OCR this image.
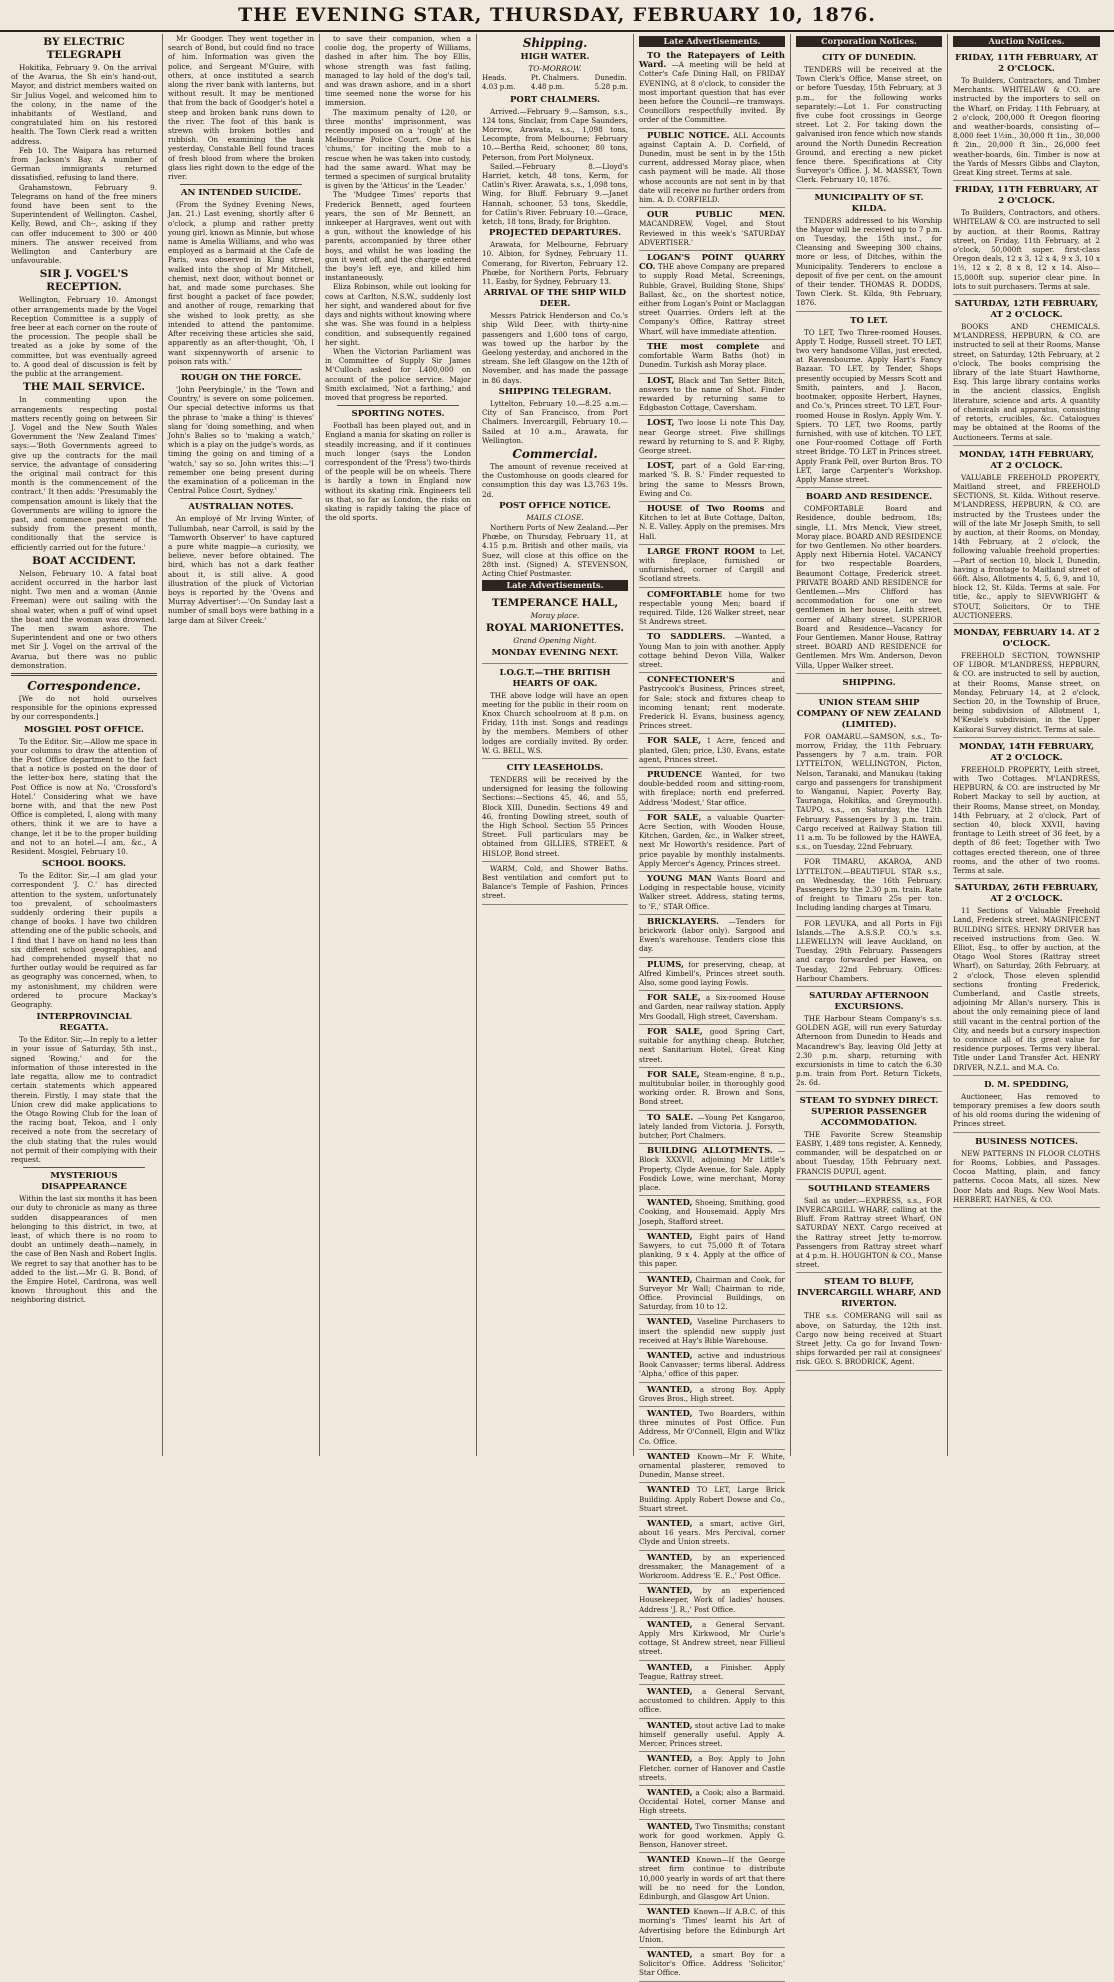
THE EVENING STAR, THURSDAY, FEBRUARY 10, 1876.
BY ELECTRIC TELEGRAPH

Hokitika, February 9. On the arrival of the Avarua, the Sh ein's hand-out, Mayor, and district members waited on Sir Julius Vogel, and welcomed him to the colony, in the name of the inhabitants of Westland, and congratulated him on his restored health. The Town Clerk read a written address.

Feb 10. The Waipara has returned from Jackson's Bay. A number of German immigrants returned dissatisfied, refusing to land there.

Grahamstown, February 9. Telegrams on hand of the free miners found have been sent to the Superintendent of Wellington. Cashel, Kelly, Bowd, and Ch--, asking if they can offer inducement to 300 or 400 miners. The answer received from Wellington and Canterbury are unfavourable.

SIR J. VOGEL'S RECEPTION.

Wellington, February 10. Amongst other arrangements made by the Vogel Reception Committee is a supply of free beer at each corner on the route of the procession. The people shall be treated as a joke by some of the committee, but was eventually agreed to. A good deal of discussion is felt by the public at the arrangement.

THE MAIL SERVICE.

In commenting upon the arrangements respecting postal matters recently going on between Sir J. Vogel and the New South Wales Government the 'New Zealand Times' says:—'Both Governments agreed to give up the contracts for the mail service, the advantage of considering the original mail contract for this month is the commencement of the contract.' It then adds: 'Presumably the compensation amount is likely that the Governments are willing to ignore the past, and commence payment of the subsidy from the present month, conditionally that the service is efficiently carried out for the future.'

BOAT ACCIDENT.

Nelson, February 10. A fatal boat accident occurred in the harbor last night. Two men and a woman (Annie Freeman) were out sailing with the shoal water, when a puff of wind upset the boat and the woman was drowned. The men swam ashore. The Superintendent and one or two others met Sir J. Vogel on the arrival of the Avarua, but there was no public demonstration.

Correspondence.

[We do not hold ourselves responsible for the opinions expressed by our correspondents.]

MOSGIEL POST OFFICE.

To the Editor. Sir,—Allow me space in your columns to draw the attention of the Post Office department to the fact that a notice is posted on the door of the letter-box here, stating that the Post Office is now at No. 'Crossford's Hotel.' Considering what we have borne with, and that the new Post Office is completed, I, along with many others, think it we are to have a change, let it be to the proper building and not to an hotel.—I am, &c., A Resident. Mosgiel, February 10.

SCHOOL BOOKS.

To the Editor. Sir,—I am glad your correspondent 'J. C.' has directed attention to the system, unfortunately too prevalent, of schoolmasters suddenly ordering their pupils a change of books. I have two children attending one of the public schools, and I find that I have on hand no less than six different school geographies, and had comprehended myself that no further outlay would be required as far as geography was concerned, when, to my astonishment, my children were ordered to procure Mackay's Geography.

INTERPROVINCIAL REGATTA.

To the Editor. Sir,—In reply to a letter in your issue of Saturday, 5th inst., signed 'Rowing,' and for the information of those interested in the late regatta, allow me to contradict certain statements which appeared therein. Firstly, I may state that the Union crew did make applications to the Otago Rowing Club for the loan of the racing boat, Tekoa, and I only received a note from the secretary of the club stating that the rules would not permit of their complying with their request.

MYSTERIOUS DISAPPEARANCE

Within the last six months it has been our duty to chronicle as many as three sudden disappearances of men belonging to this district, in two, at least, of which there is no room to doubt an untimely death—namely, in the case of Ben Nash and Robert Inglis. We regret to say that another has to be added to the list.—Mr G. B. Bond, of the Empire Hotel, Cardrona, was well known throughout this and the neighboring district.

Mr Goodger. They went together in search of Bond, but could find no trace of him. Information was given the police, and Sergeant M'Guire, with others, at once instituted a search along the river bank with lanterns, but without result. It may be mentioned that from the back of Goodger's hotel a steep and broken bank runs down to the river. The foot of this bank is strewn with broken bottles and rubbish. On examining the bank yesterday, Constable Bell found traces of fresh blood from where the broken glass lies right down to the edge of the river.

AN INTENDED SUICIDE.

(From the Sydney Evening News, Jan. 21.) Last evening, shortly after 6 o'clock, a plump and rather pretty young girl, known as Minnie, but whose name is Amelia Williams, and who was employed as a barmaid at the Cafe de Paris, was observed in King street, walked into the shop of Mr Mitchell, chemist, next door, without bonnet or hat, and made some purchases. She first bought a packet of face powder, and another of rouge, remarking that she wished to look pretty, as she intended to attend the pantomime. After receiving these articles she said, apparently as an after-thought, 'Oh, I want sixpennyworth of arsenic to poison rats with.'

ROUGH ON THE FORCE.

'John Peerybingle,' in the 'Town and Country,' is severe on some policemen. Our special detective informs us that the phrase to 'make a thing' is thieves' slang for 'doing something, and when John's Balies so to 'making a watch,' which is a play on the judge's words, as timing the going on and timing of a 'watch,' say so so. John writes this:—'I remember one being present during the examination of a policeman in the Central Police Court, Sydney.'

AUSTRALIAN NOTES.

An employé of Mr Irving Winter, of Tullumbah, near Carroll, is said by the 'Tamworth Observer' to have captured a pure white magpie—a curiosity, we believe, never before obtained. The bird, which has not a dark feather about it, is still alive. A good illustration of the pluck of Victorian boys is reported by the 'Ovens and Murray Advertiser':—'On Sunday last a number of small boys were bathing in a large dam at Silver Creek.'

to save their companion, when a coolie dog, the property of Williams, dashed in after him. The boy Ellis, whose strength was fast failing, managed to lay hold of the dog's tail, and was drawn ashore, and in a short time seemed none the worse for his immersion.

The maximum penalty of L20, or three months' imprisonment, was recently imposed on a 'rough' at the Melbourne Police Court. One of his 'chums,' for inciting the mob to a rescue when he was taken into custody, had the same award. What may be termed a specimen of surgical brutality is given by the 'Atticus' in the 'Leader.'

The 'Mudgee Times' reports that Frederick Bennett, aged fourteen years, the son of Mr Bennett, an innkeeper at Hargraves, went out with a gun, without the knowledge of his parents, accompanied by three other boys, and whilst he was loading the gun it went off, and the charge entered the boy's left eye, and killed him instantaneously.

Eliza Robinson, while out looking for cows at Carlton, N.S.W., suddenly lost her sight, and wandered about for five days and nights without knowing where she was. She was found in a helpless condition, and subsequently regained her sight.

When the Victorian Parliament was in Committee of Supply Sir James M'Culloch asked for L400,000 on account of the police service. Major Smith exclaimed, 'Not a farthing,' and moved that progress be reported.

SPORTING NOTES.

Football has been played out, and in England a mania for skating on roller is steadily increasing, and if it continues much longer (says the London correspondent of the 'Press') two-thirds of the people will be on wheels. There is hardly a town in England now without its skating rink. Engineers tell us that, so far as London, the risks on skating is rapidly taking the place of the old sports.

Shipping.
HIGH WATER.
TO-MORROW.
Heads.
4.03 p.m.
Pt. Chalmers.
4.48 p.m.
Dunedin.
5.28 p.m.
PORT CHALMERS.

Arrived.—February 9.—Samson, s.s., 124 tons, Sinclair, from Cape Saunders, Morrow, Arawata, s.s., 1,098 tons, Lecompte, from Melbourne; February 10.—Bertha Reid, schooner, 80 tons, Peterson, from Port Molyneux.

Sailed.—February 8.—Lloyd's Harriet, ketch, 48 tons, Kerm, for Catlin's River. Arawata, s.s., 1,098 tons, Wing, for Bluff. February 9.—Janet Hannah, schooner, 53 tons, Skeddle, for Catlin's River. February 10.—Grace, ketch, 18 tons, Brady, for Brighton.

PROJECTED DEPARTURES.

Arawata, for Melbourne, February 10. Albion, for Sydney, February 11. Comerang, for Riverton, February 12. Phœbe, for Northern Ports, February 11. Easby, for Sydney, February 13.

ARRIVAL OF THE SHIP WILD DEER.

Messrs Patrick Henderson and Co.'s ship Wild Deer, with thirty-nine passengers and 1,600 tons of cargo, was towed up the harbor by the Geelong yesterday, and anchored in the stream. She left Glasgow on the 12th of November, and has made the passage in 86 days.

SHIPPING TELEGRAM.

Lyttelton, February 10.—8.25 a.m.—City of San Francisco, from Port Chalmers. Invercargill, February 10.—Sailed at 10 a.m., Arawata, for Wellington.

Commercial.

The amount of revenue received at the Customhouse on goods cleared for consumption this day was L3,763 19s. 2d.

POST OFFICE NOTICE.
MAILS CLOSE.

Northern Ports of New Zealand.—Per Phœbe, on Thursday, February 11, at 4.15 p.m. British and other mails, via Suez, will close at this office on the 28th inst. (Signed) A. STEVENSON, Acting Chief Postmaster.

Late Advertisements.
TEMPERANCE HALL,
Moray place.
ROYAL MARIONETTES.
Grand Opening Night.
MONDAY EVENING NEXT.
I.O.G.T.—THE BRITISH HEARTS OF OAK.

THE above lodge will have an open meeting for the public in their room on Knox Church schoolroom at 8 p.m. on Friday, 11th inst. Songs and readings by the members. Members of other lodges are cordially invited. By order. W. G. BELL, W.S.

CITY LEASEHOLDS.

TENDERS will be received by the undersigned for leasing the following Sections:—Sections 45, 46, and 55, Block XIII, Dunedin. Sections 49 and 46, fronting Dowling street, south of the High School. Section 55 Princes Street. Full particulars may be obtained from GILLIES, STREET, & HISLOP, Bond street.

WARM, Cold, and Shower Baths. Best ventilation and comfort put to Balance's Temple of Fashion, Princes street.

Late Advertisements.

TO the Ratepayers of Leith Ward. —A meeting will be held at Cotter's Cafe Dining Hall, on FRIDAY EVENING, at 8 o'clock, to consider the most important question that has ever been before the Council—re tramways. Councillors respectfully invited. By order of the Committee.

PUBLIC NOTICE. ALL Accounts against Captain A. D. Corfield, of Dunedin, must be sent in by the 15th current, addressed Moray place, when cash payment will be made. All those whose accounts are not sent in by that date will receive no further orders from him. A. D. CORFIELD.

OUR PUBLIC MEN. MACANDREW, Vogel, and Stout Reviewed in this week's 'SATURDAY ADVERTISER.'

LOGAN'S POINT QUARRY CO. THE above Company are prepared to supply Road Metal, Screenings, Rubble, Gravel, Building Stone, Ships' Ballast, &c., on the shortest notice, either from Logan's Point or Maclaggan street Quarries. Orders left at the Company's Office, Rattray street Wharf, will have immediate attention.

THE most complete and comfortable Warm Baths (hot) in Dunedin. Turkish ash Moray place.

LOST, Black and Tan Setter Bitch, answers to the name of Shot. Finder rewarded by returning same to Edgbaston Cottage, Caversham.

LOST, Two loose Li note This Day, near George street. Five shillings reward by returning to S. and F. Rigby, George street.

LOST, part of a Gold Ear-ring, marked 'S. B. S.' Finder requested to bring the same to Messrs Brown, Ewing and Co.

HOUSE of Two Rooms and Kitchen to let at Bute Cottage, Dalton, N. E. Valley. Apply on the premises. Mrs Hall.

LARGE FRONT ROOM to Let, with fireplace, furnished or unfurnished, corner of Cargill and Scotland streets.

COMFORTABLE home for two respectable young Men; board if required. Tilde, 126 Walker street, near St Andrews street.

TO SADDLERS. —Wanted, a Young Man to join with another. Apply cottage behind Devon Villa, Walker street.

CONFECTIONER'S	and Pastrycook's Business, Princes street, for Sale; stock and fixtures cheap to incoming tenant; rent moderate. Frederick H. Evans, business agency, Princes street.

FOR SALE, 1 Acre, fenced and planted, Glen; price, L30. Evans, estate agent, Princes street.

PRUDENCE Wanted, for two double-bedded room and sitting-room, with fireplace; north end preferred. Address 'Modest,' Star office.

FOR SALE, a valuable Quarter-Acre Section, with Wooden House, Kitchen, Garden, &c., in Walker street, next Mr Howorth's residence. Part of price payable by monthly instalments. Apply Mercer's Agency, Princes street.

YOUNG MAN Wants Board and Lodging in respectable house, vicinity Walker street. Address, stating terms, to 'F.,' STAR Office.

BRICKLAYERS. —Tenders for brickwork (labor only). Sargood and Ewen's warehouse. Tenders close this day.

PLUMS, for preserving, cheap, at Alfred Kimbell's, Princes street south. Also, some good laying Fowls.

FOR SALE, a Six-roomed House and Garden, near railway station. Apply Mrs Goodall, High street, Caversham.

FOR SALE, good Spring Cart, suitable for anything cheap. Butcher, next Sanitarium Hotel, Great King street.

FOR SALE, Steam-engine, 8 n.p., multitubular boiler, in thoroughly good working order. R. Brown and Sons, Bond street.

TO SALE. —Young Pet Kangaroo, lately landed from Victoria. J. Forsyth, butcher, Port Chalmers.

BUILDING ALLOTMENTS. —Block XXXVII, adjoining Mr Little's Property, Clyde Avenue, for Sale. Apply Fosdick Lowe, wine merchant, Moray place.

WANTED, Shoeing, Smithing, good Cooking, and Housemaid. Apply Mrs Joseph, Stafford street.

WANTED, Eight pairs of Hand Sawyers, to cut 75,000 ft of Totara planking, 9 x 4. Apply at the office of this paper.

WANTED, Chairman and Cook, for Surveyor Mr Wall; Chairman to ride, Office. Provincial Buildings, on Saturday, from 10 to 12.

WANTED, Vaseline Purchasers to insert the splendid new supply just received at Hay's Bible Warehouse.

WANTED, active and industrious Book Canvasser; terms liberal. Address 'Alpha,' office of this paper.

WANTED, a strong Boy. Apply Groves Bros., High street.

WANTED, Two Boarders, within three minutes of Post Office. Fun Address, Mr O'Connell, Elgin and W'lkz Co. Office.

WANTED Known—Mr F. White, ornamental plasterer, removed to Dunedin, Manse street.

WANTED TO LET, Large Brick Building. Apply Robert Dowse and Co., Stuart street.

WANTED, a smart, active Girl, about 16 years. Mrs Percival, corner Clyde and Union streets.

WANTED, by an experienced dressmaker, the Management of a Workroom. Address 'E. E.,' Post Office.

WANTED, by an experienced Housekeeper, Work of ladies' houses. Address 'J. R.,' Post Office.

WANTED, a General Servant. Apply Mrs Kirkwood, Mr Curle's cottage, St Andrew street, near Fillieul street.

WANTED, a Finisher. Apply Teague, Rattray street.

WANTED, a General Servant, accustomed to children. Apply to this office.

WANTED, stout active Lad to make himself generally useful. Apply A. Mercer, Princes street.

WANTED, a Boy. Apply to John Fletcher, corner of Hanover and Castle streets.

WANTED, a Cook; also a Barmaid. Occidental Hotel, corner Manse and High streets.

WANTED, Two Tinsmiths; constant work for good workmen. Apply G. Benson, Hanover street.

WANTED Known—If the George street firm continue to distribute 10,000 yearly in words of art that there will be no need for the London, Edinburgh, and Glasgow Art Union.

WANTED Known—If A.B.C. of this morning's 'Times' learnt his Art of Advertising before the Edinburgh Art Union.

WANTED, a smart Boy for a Solicitor's Office. Address 'Solicitor,' Star Office.

Corporation Notices.
CITY OF DUNEDIN.

TENDERS will be received at the Town Clerk's Office, Manse street, on or before Tuesday, 15th February, at 3 p.m., for the following works separately:—Lot 1. For constructing five cube foot crossings in George street. Lot 2. For taking down the galvanised iron fence which now stands around the North Dunedin Recreation Ground, and erecting a new picket fence there. Specifications at City Surveyor's Office. J. M. MASSEY, Town Clerk. February 10, 1876.

MUNICIPALITY OF ST. KILDA.

TENDERS addressed to his Worship the Mayor will be received up to 7 p.m. on Tuesday, the 15th inst., for Cleansing and Sweeping 300 chains, more or less, of Ditches, within the Municipality. Tenderers to enclose a deposit of five per cent. on the amount of their tender. THOMAS R. DODDS, Town Clerk. St. Kilda, 9th February, 1876.

TO LET.

TO LET, Two Three-roomed Houses. Apply T. Hodge, Russell street. TO LET, two very handsome Villas, just erected, at Ravensbourne. Apply Hart's Fancy Bazaar. TO LET, by Tender, Shops presently occupied by Messrs Scott and Smith, painters, and J. Bacon, bootmaker, opposite Herbert, Haynes, and Co.'s, Princes street. TO LET, Four-roomed House in Roslyn. Apply Wm. Y. Spiers. TO LET, two Rooms, partly furnished, with use of kitchen. TO LET, one Four-roomed Cottage off Forth street Bridge. TO LET in Princes street. Apply Frank Pell, over Burton Bros. TO LET, large Carpenter's Workshop. Apply Manse street.

BOARD AND RESIDENCE.

COMFORTABLE Board and Residence, double bedroom, 18s; single, L1. Mrs Menck, View street, Moray place. BOARD AND RESIDENCE for two Gentlemen. No other boarders. Apply next Hibernia Hotel. VACANCY for two respectable Boarders, Beaumont Cottage, Frederick street. PRIVATE BOARD AND RESIDENCE for Gentlemen.—Mrs Clifford has accommodation for one or two gentlemen in her house, Leith street, corner of Albany street. SUPERIOR Board and Residence—Vacancy for Four Gentlemen. Manor House, Rattray street. BOARD AND RESIDENCE for Gentlemen. Mrs Wm. Anderson, Devon Villa, Upper Walker street.

SHIPPING.
UNION STEAM SHIP COMPANY OF NEW ZEALAND (LIMITED).

FOR OAMARU.—SAMSON, s.s., To-morrow, Friday, the 11th February. Passengers by 7 a.m. train. FOR LYTTELTON, WELLINGTON, Picton, Nelson, Taranaki, and Manukau (taking cargo and passengers for transhipment to Wanganui, Napier, Poverty Bay, Tauranga, Hokitika, and Greymouth). TAUPO, s.s., on Saturday, the 12th February. Passengers by 3 p.m. train. Cargo received at Railway Station till 11 a.m. To be followed by the HAWEA, s.s., on Tuesday, 22nd February.

FOR TIMARU, AKAROA, AND LYTTELTON.—BEAUTIFUL STAR s.s., on Wednesday, the 16th February. Passengers by the 2.30 p.m. train. Rate of freight to Timaru 25s per ton. Including landing charges at Timaru.

FOR LEVUKA, and all Ports in Fiji Islands.—The A.S.S.P. CO.'s s.s. LLEWELLYN will leave Auckland, on Tuesday, 29th February. Passengers and cargo forwarded per Hawea, on Tuesday, 22nd February. Offices: Harbour Chambers.

SATURDAY AFTERNOON EXCURSIONS.

THE Harbour Steam Company's s.s. GOLDEN AGE, will run every Saturday Afternoon from Dunedin to Heads and Macandrew's Bay, leaving Old Jetty at 2.30 p.m. sharp, returning with excursionists in time to catch the 6.30 p.m. train from Port. Return Tickets, 2s. 6d.

STEAM TO SYDNEY DIRECT. SUPERIOR PASSENGER ACCOMMODATION.

THE Favorite Screw Steamship EASBY, 1,489 tons register, A. Kennedy, commander, will be despatched on or about Tuesday, 15th February next. FRANCIS DUPUI, agent.

SOUTHLAND STEAMERS

Sail as under:—EXPRESS, s.s., FOR INVERCARGILL WHARF, calling at the Bluff. From Rattray street Wharf, ON SATURDAY NEXT. Cargo received at the Rattray street Jetty to-morrow. Passengers from Rattray street wharf at 4 p.m. H. HOUGHTON & CO., Manse street.

STEAM TO BLUFF, INVERCARGILL WHARF, AND RIVERTON.

THE s.s. COMERANG will sail as above, on Saturday, the 12th inst. Cargo now being received at Stuart Street Jetty. Ca go for Invand Town-ships forwarded per rail at consignees' risk. GEO. S. BRODRICK, Agent.

Auction Notices.
FRIDAY, 11TH FEBRUARY, AT 2 O'CLOCK.

To Builders, Contractors, and Timber Merchants. WHITELAW & CO. are instructed by the importers to sell on the Wharf, on Friday, 11th February, at 2 o'clock, 200,000 ft Oregon flooring and weather-boards, consisting of—8,000 feet 1½in., 30,000 ft 1in., 30,000 ft 2in., 20,000 ft 3in., 26,000 feet weather-boards, 6in. Timber is now at the Yards of Messrs Gibbs and Clayton, Great King street. Terms at sale.

FRIDAY, 11TH FEBRUARY, AT 2 O'CLOCK.

To Builders, Contractors, and others. WHITELAW & CO. are instructed to sell by auction, at their Rooms, Rattray street, on Friday, 11th February, at 2 o'clock, 50,000ft super. first-class Oregon deals, 12 x 3, 12 x 4, 9 x 3, 10 x 1½, 12 x 2, 8 x 8, 12 x 14. Also—15,000ft sup. superior clear pine. In lots to suit purchasers. Terms at sale.

SATURDAY, 12TH FEBRUARY, AT 2 O'CLOCK.

BOOKS AND CHEMICALS. M'LANDRESS, HEPBURN, & CO. are instructed to sell at their Rooms, Manse street, on Saturday, 12th February, at 2 o'clock, The books comprising the library of the late Stuart Hawthorne, Esq. This large library contains works in the ancient classics, English literature, science and arts. A quantity of chemicals and apparatus, consisting of retorts, crucibles, &c. Catalogues may be obtained at the Rooms of the Auctioneers. Terms at sale.

MONDAY, 14TH FEBRUARY, AT 2 O'CLOCK.

VALUABLE FREEHOLD PROPERTY, Maitland street, and FREEHOLD SECTIONS, St. Kilda. Without reserve. M'LANDRESS, HEPBURN, & CO. are instructed by the Trustees under the will of the late Mr Joseph Smith, to sell by auction, at their Rooms, on Monday, 14th February, at 2 o'clock, the following valuable freehold properties:—Part of section 10, block I, Dunedin, having a frontage to Maitland street of 66ft. Also, Allotments 4, 5, 6, 9, and 10, block 12, St. Kilda. Terms at sale. For title, &c., apply to SIEVWRIGHT & STOUT, Solicitors, Or to THE AUCTIONEERS.

MONDAY, FEBRUARY 14. AT 2 O'CLOCK.

FREEHOLD SECTION, TOWNSHIP OF LIBOR. M'LANDRESS, HEPBURN, & CO. are instructed to sell by auction, at their Rooms, Manse street, on Monday, February 14, at 2 o'clock, Section 20, in the Township of Bruce, being subdivision of Allotment 1, M'Keule's subdivision, in the Upper Kaikorai Survey district. Terms at sale.

MONDAY, 14TH FEBRUARY, AT 2 O'CLOCK.

FREEHOLD PROPERTY, Leith street, with Two Cottages. M'LANDRESS, HEPBURN, & CO. are instructed by Mr Robert Mackay to sell by auction, at their Rooms, Manse street, on Monday, 14th February, at 2 o'clock, Part of section 40, block XXVII, having frontage to Leith street of 36 feet, by a depth of 86 feet; Together with Two cottages erected thereon, one of three rooms, and the other of two rooms. Terms at sale.

SATURDAY, 26TH FEBRUARY, AT 2 O'CLOCK.

11 Sections of Valuable Freehold Land, Frederick street. MAGNIFICENT BUILDING SITES. HENRY DRIVER has received instructions from Geo. W. Elliot, Esq., to offer by auction, at the Otago Wool Stores (Rattray street Wharf), on Saturday, 26th February, at 2 o'clock, Those eleven splendid sections fronting Frederick, Cumberland, and Castle streets, adjoining Mr Allan's nursery. This is about the only remaining piece of land still vacant in the central portion of the City, and needs but a cursory inspection to convince all of its great value for residence purposes. Terms very liberal. Title under Land Transfer Act. HENRY DRIVER, N.Z.L. and M.A. Co.

D. M. SPEDDING,

Auctioneer, Has removed to temporary premises a few doors south of his old rooms during the widening of Princes street.

BUSINESS NOTICES.

NEW PATTERNS IN FLOOR CLOTHS for Rooms, Lobbies, and Passages. Cocoa Matting, plain, and fancy patterns. Cocoa Mats, all sizes. New Door Mats and Rugs. New Wool Mats. HERBERT, HAYNES, & CO.
